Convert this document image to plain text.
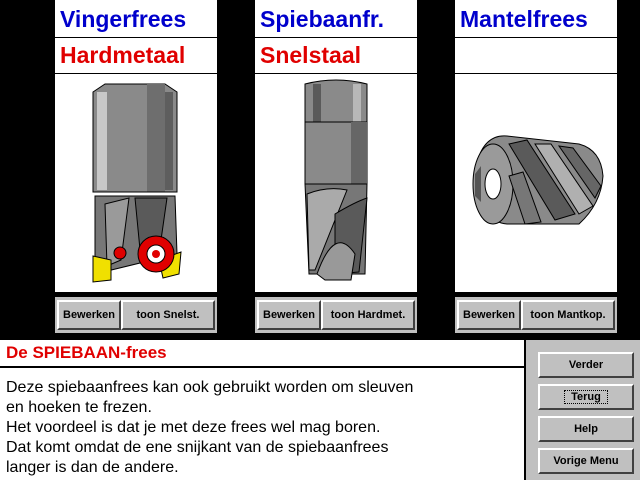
Vingerfrees
Hardmetaal
Bewerken	toon Snelst.
Spiebaanfr.
Snelstaal
Bewerken	toon Hardmet.
Mantelfrees
Bewerken	toon Mantkop.
De SPIEBAAN-frees
Deze spiebaanfrees kan ook gebruikt worden om sleuven
en hoeken te frezen.
Het voordeel is dat je met deze frees wel mag boren.
Dat komt omdat de ene snijkant van de spiebaanfrees
langer is dan de andere.
Verder
Terug
Help
Vorige Menu
